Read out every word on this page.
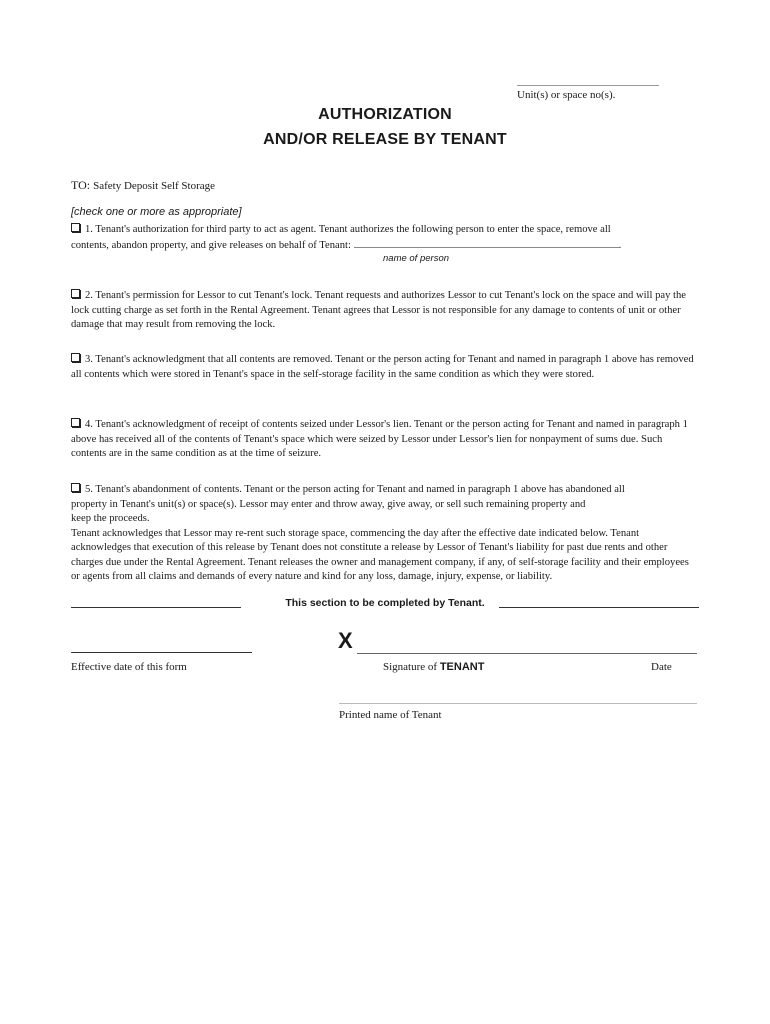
Unit(s) or space no(s).
AUTHORIZATION
AND/OR RELEASE BY TENANT
TO: Safety Deposit Self Storage
[check one or more as appropriate]
1. Tenant's authorization for third party to act as agent. Tenant authorizes the following person to enter the space, remove all
contents, abandon property, and give releases on behalf of Tenant:	.
name of person
2. Tenant's permission for Lessor to cut Tenant's lock. Tenant requests and authorizes Lessor to cut Tenant's lock on the space and will pay the lock cutting charge as set forth in the Rental Agreement. Tenant agrees that Lessor is not responsible for any damage to contents of unit or other damage that may result from removing the lock.
3. Tenant's acknowledgment that all contents are removed. Tenant or the person acting for Tenant and named in paragraph 1 above has removed all contents which were stored in Tenant's space in the self-storage facility in the same condition as which they were stored.
4. Tenant's acknowledgment of receipt of contents seized under Lessor's lien. Tenant or the person acting for Tenant and named in paragraph 1 above has received all of the contents of Tenant's space which were seized by Lessor under Lessor's lien for nonpayment of sums due. Such contents are in the same condition as at the time of seizure.
5. Tenant's abandonment of contents. Tenant or the person acting for Tenant and named in paragraph 1 above has abandoned all
property in Tenant's unit(s) or space(s). Lessor may enter and throw away, give away, or sell such remaining property and
keep the proceeds.
Tenant acknowledges that Lessor may re-rent such storage space, commencing the day after the effective date indicated below. Tenant acknowledges that execution of this release by Tenant does not constitute a release by Lessor of Tenant's liability for past due rents and other charges due under the Rental Agreement. Tenant releases the owner and management company, if any, of self-storage facility and their employees or agents from all claims and demands of every nature and kind for any loss, damage, injury, expense, or liability.
This section to be completed by Tenant.
Effective date of this form
X
Signature of TENANT	Date
Printed name of Tenant
